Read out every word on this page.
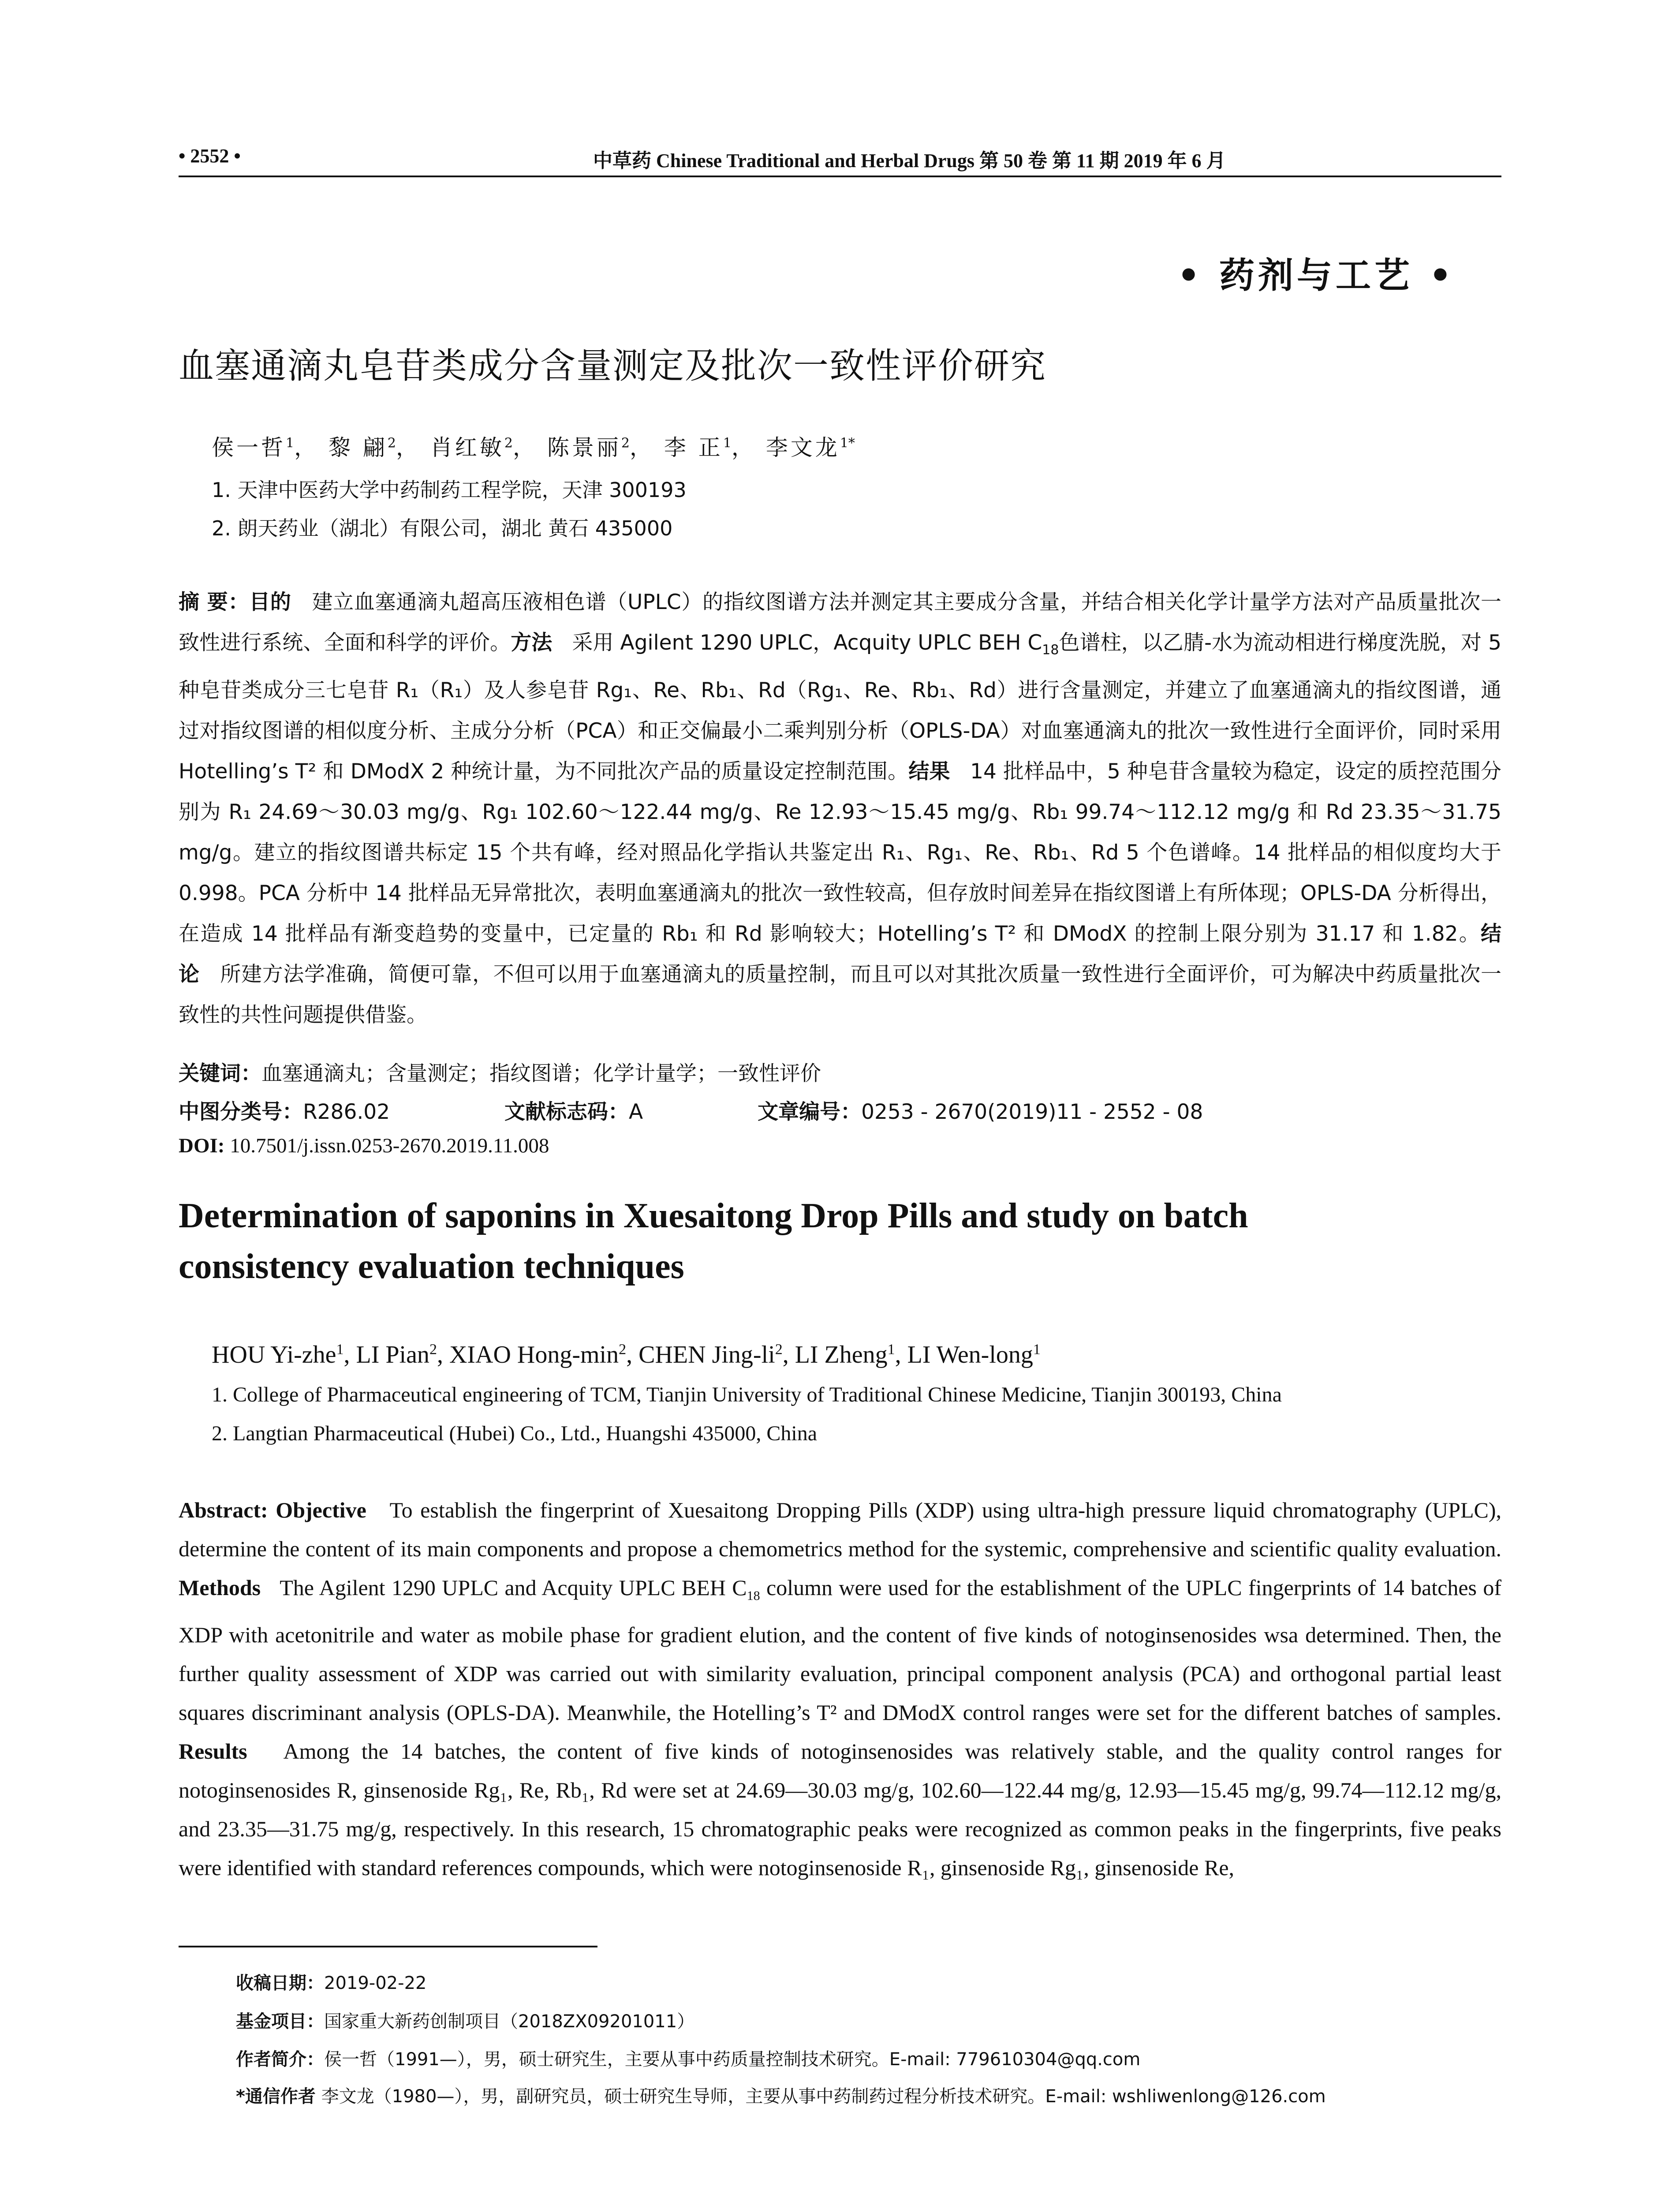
• 2552 •	中草药 Chinese Traditional and Herbal Drugs 第 50 卷 第 11 期 2019 年 6 月
• 药剂与工艺 •
血塞通滴丸皂苷类成分含量测定及批次一致性评价研究
侯一哲$^1$， 黎 翩$^2$， 肖红敏$^2$， 陈景丽$^2$， 李 正$^1$， 李文龙$^{1*}$
1. 天津中医药大学中药制药工程学院，天津 300193
2. 朗天药业（湖北）有限公司，湖北 黄石 435000
摘 要：目的 建立血塞通滴丸超高压液相色谱（UPLC）的指纹图谱方法并测定其主要成分含量，并结合相关化学计量学方法对产品质量批次一致性进行系统、全面和科学的评价。方法 采用 Agilent 1290 UPLC，Acquity UPLC BEH $C_{18}$色谱柱，以乙腈-水为流动相进行梯度洗脱，对 5 种皂苷类成分三七皂苷 R₁（R₁）及人参皂苷 Rg₁、Re、Rb₁、Rd（Rg₁、Re、Rb₁、Rd）进行含量测定，并建立了血塞通滴丸的指纹图谱，通过对指纹图谱的相似度分析、主成分分析（PCA）和正交偏最小二乘判别分析（OPLS-DA）对血塞通滴丸的批次一致性进行全面评价，同时采用 Hotelling’s T² 和 DModX 2 种统计量，为不同批次产品的质量设定控制范围。结果 14 批样品中，5 种皂苷含量较为稳定，设定的质控范围分别为 R₁ 24.69～30.03 mg/g、Rg₁ 102.60～122.44 mg/g、Re 12.93～15.45 mg/g、Rb₁ 99.74～112.12 mg/g 和 Rd 23.35～31.75 mg/g。建立的指纹图谱共标定 15 个共有峰，经对照品化学指认共鉴定出 R₁、Rg₁、Re、Rb₁、Rd 5 个色谱峰。14 批样品的相似度均大于 0.998。PCA 分析中 14 批样品无异常批次，表明血塞通滴丸的批次一致性较高，但存放时间差异在指纹图谱上有所体现；OPLS-DA 分析得出，在造成 14 批样品有渐变趋势的变量中，已定量的 Rb₁ 和 Rd 影响较大；Hotelling’s T² 和 DModX 的控制上限分别为 31.17 和 1.82。结论 所建方法学准确，简便可靠，不但可以用于血塞通滴丸的质量控制，而且可以对其批次质量一致性进行全面评价，可为解决中药质量批次一致性的共性问题提供借鉴。
关键词：血塞通滴丸；含量测定；指纹图谱；化学计量学；一致性评价
中图分类号：R286.02	文献标志码：A	文章编号：0253 - 2670(2019)11 - 2552 - 08
DOI: 10.7501/j.issn.0253-2670.2019.11.008
Determination of saponins in Xuesaitong Drop Pills and study on batch
consistency evaluation techniques
HOU Yi-zhe$^1$, LI Pian$^2$, XIAO Hong-$\min^2$, CHEN Jing-$li^2$, LI Zheng$^1$, LI Wen-long$^1$
1. College of Pharmaceutical engineering of TCM, Tianjin University of Traditional Chinese Medicine, Tianjin 300193, China
2. Langtian Pharmaceutical (Hubei) Co., Ltd., Huangshi 435000, China
Abstract: Objective To establish the fingerprint of Xuesaitong Dropping Pills (XDP) using ultra-high pressure liquid chromatography (UPLC), determine the content of its main components and propose a chemometrics method for the systemic, comprehensive and scientific quality evaluation. Methods The Agilent 1290 UPLC and Acquity UPLC BEH $C_{18}$ column were used for the establishment of the UPLC fingerprints of 14 batches of XDP with acetonitrile and water as mobile phase for gradient elution, and the content of five kinds of notoginsenosides wsa determined. Then, the further quality assessment of XDP was carried out with similarity evaluation, principal component analysis (PCA) and orthogonal partial least squares discriminant analysis (OPLS-DA). Meanwhile, the Hotelling’s T² and DModX control ranges were set for the different batches of samples. Results Among the 14 batches, the content of five kinds of notoginsenosides was relatively stable, and the quality control ranges for notoginsenosides R, ginsenoside Rg₁, Re, Rb₁, Rd were set at 24.69—30.03 mg/g, 102.60—122.44 mg/g, 12.93—15.45 mg/g, 99.74—112.12 mg/g, and 23.35—31.75 mg/g, respectively. In this research, 15 chromatographic peaks were recognized as common peaks in the fingerprints, five peaks were identified with standard references compounds, which were notoginsenoside R₁, ginsenoside Rg₁, ginsenoside Re,
收稿日期：2019-02-22
基金项目：国家重大新药创制项目（2018ZX09201011）
作者简介：侯一哲（1991—），男，硕士研究生，主要从事中药质量控制技术研究。E-mail: 779610304@qq.com
*通信作者 李文龙（1980—），男，副研究员，硕士研究生导师，主要从事中药制药过程分析技术研究。E-mail: wshliwenlong@126.com
